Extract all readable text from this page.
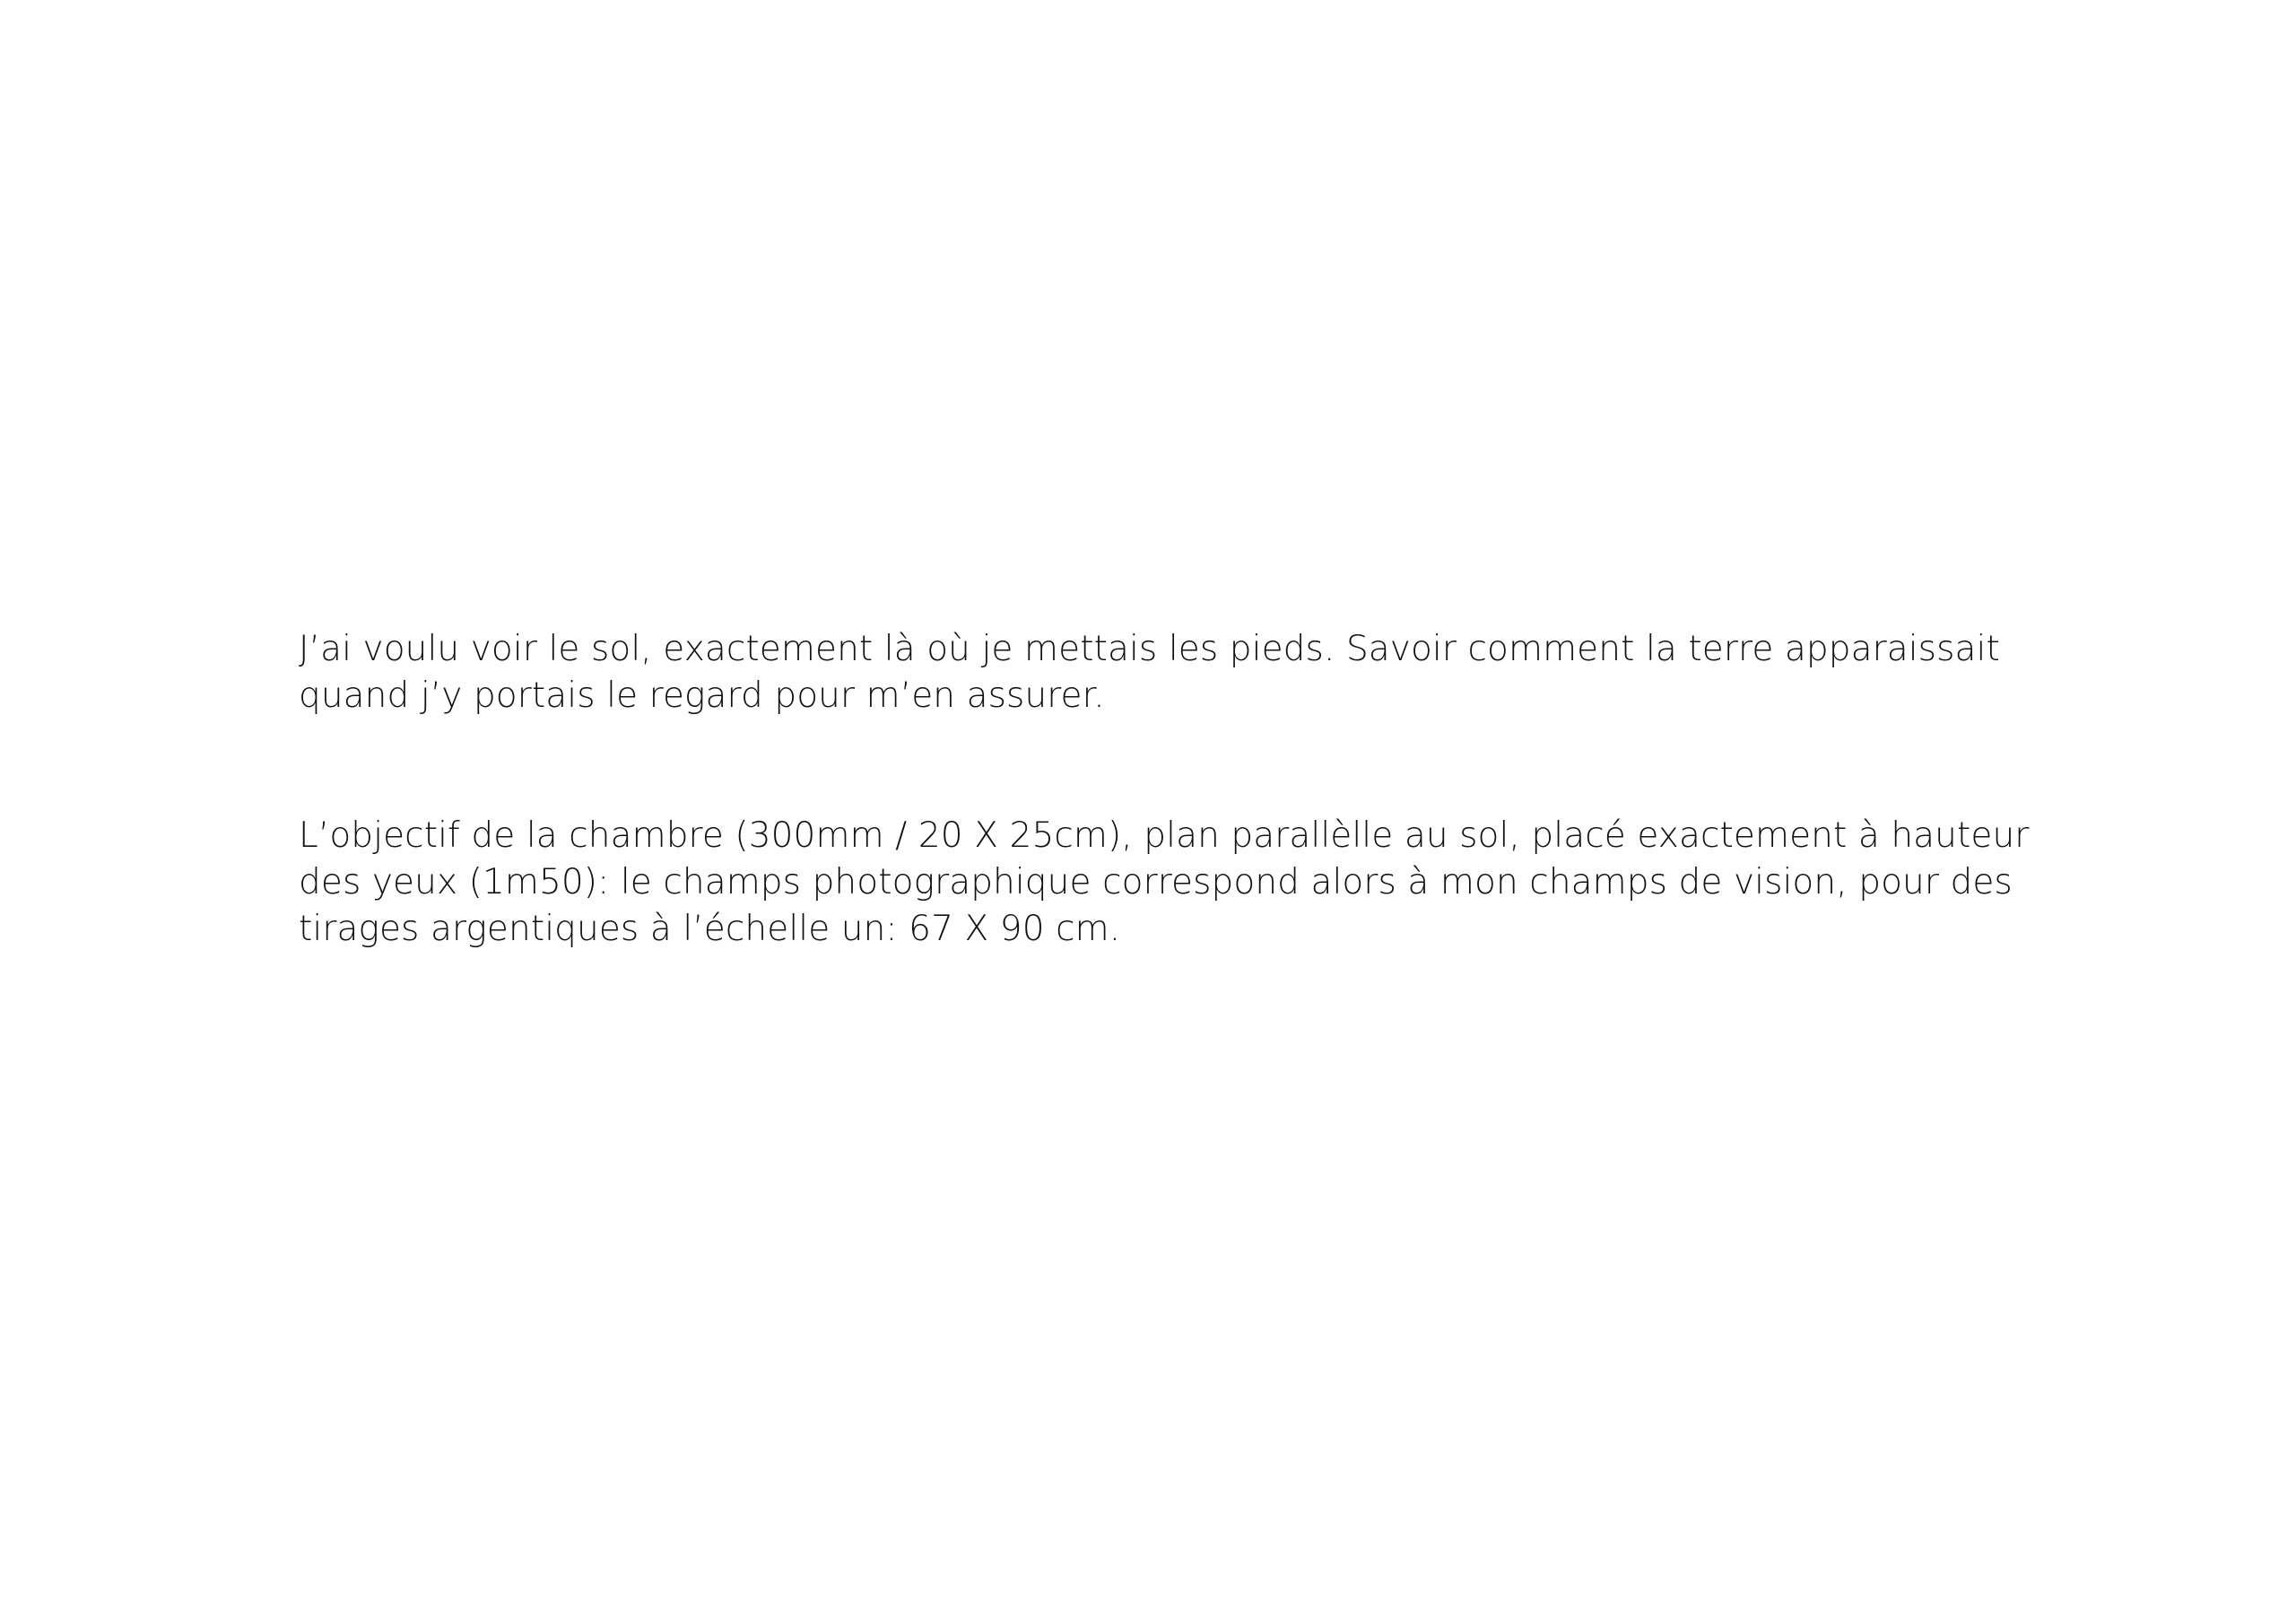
J’ai voulu voir le sol, exactement là où je mettais les pieds. Savoir comment la terre apparaissait
quand j’y portais le regard pour m’en assurer.

L’objectif de la chambre (300mm / 20 X 25cm), plan parallèlle au sol, placé exactement à hauteur
des yeux (1m50): le champs photographique correspond alors à mon champs de vision, pour des
tirages argentiques à l’échelle un: 67 X 90 cm.
